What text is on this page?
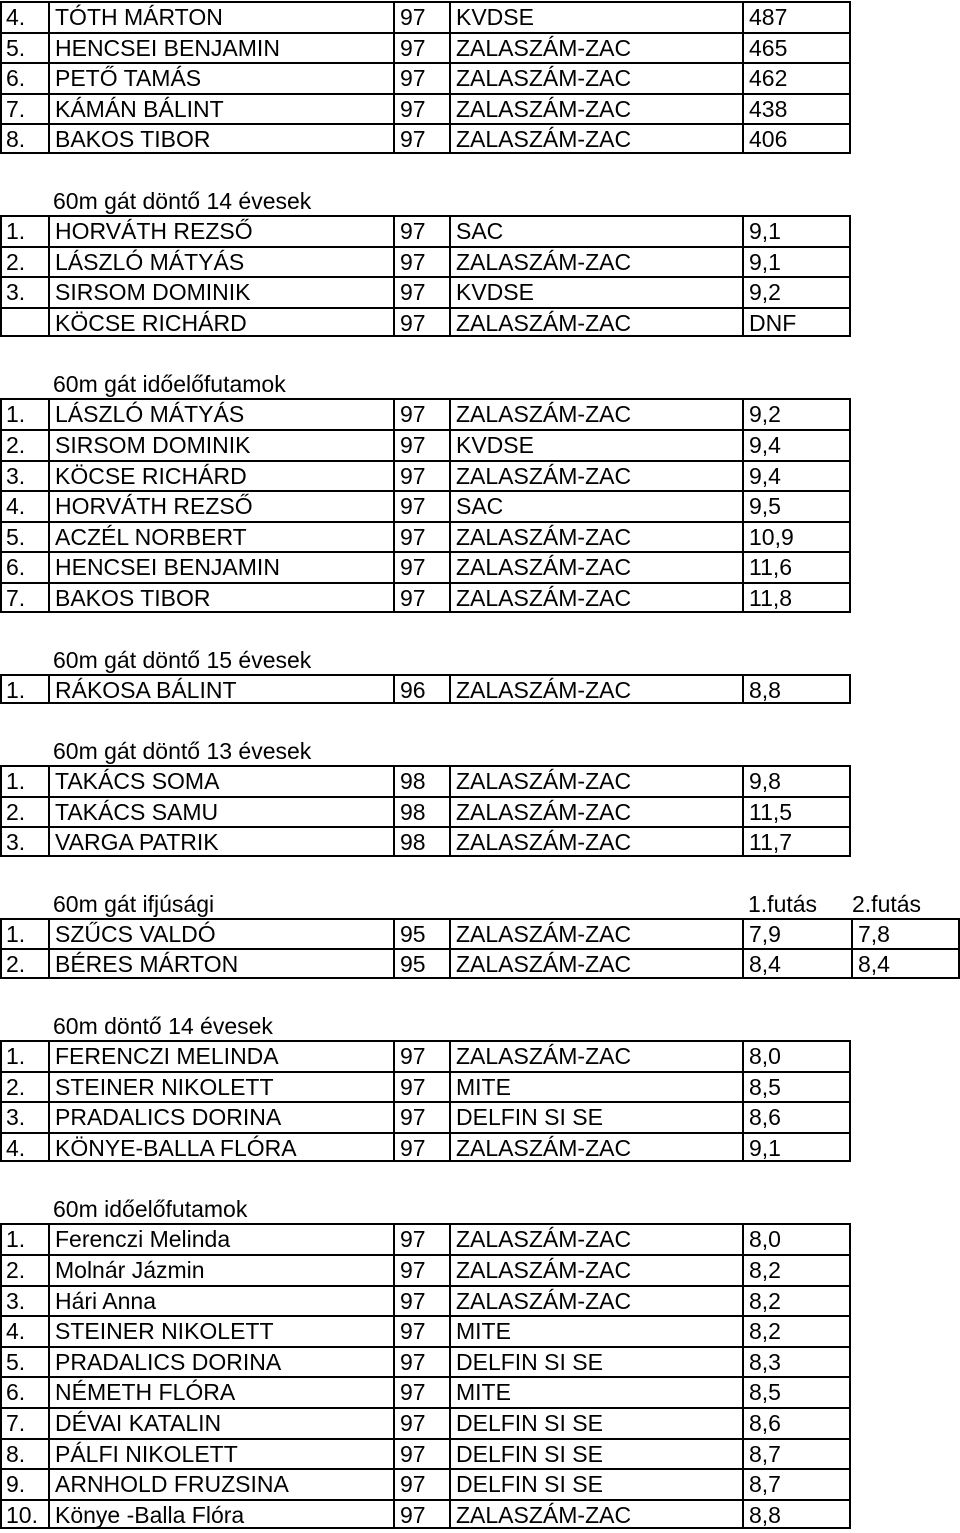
4.	TÓTH MÁRTON	97	KVDSE	487
5.	HENCSEI BENJAMIN	97	ZALASZÁM-ZAC	465
6.	PETŐ TAMÁS	97	ZALASZÁM-ZAC	462
7.	KÁMÁN BÁLINT	97	ZALASZÁM-ZAC	438
8.	BAKOS TIBOR	97	ZALASZÁM-ZAC	406
60m gát döntő 14 évesek
1.	HORVÁTH REZSŐ	97	SAC	9,1
2.	LÁSZLÓ MÁTYÁS	97	ZALASZÁM-ZAC	9,1
3.	SIRSOM DOMINIK	97	KVDSE	9,2
KÖCSE RICHÁRD	97	ZALASZÁM-ZAC	DNF
60m gát időelőfutamok
1.	LÁSZLÓ MÁTYÁS	97	ZALASZÁM-ZAC	9,2
2.	SIRSOM DOMINIK	97	KVDSE	9,4
3.	KÖCSE RICHÁRD	97	ZALASZÁM-ZAC	9,4
4.	HORVÁTH REZSŐ	97	SAC	9,5
5.	ACZÉL NORBERT	97	ZALASZÁM-ZAC	10,9
6.	HENCSEI BENJAMIN	97	ZALASZÁM-ZAC	11,6
7.	BAKOS TIBOR	97	ZALASZÁM-ZAC	11,8
60m gát döntő 15 évesek
1.	RÁKOSA BÁLINT	96	ZALASZÁM-ZAC	8,8
60m gát döntő 13 évesek
1.	TAKÁCS SOMA	98	ZALASZÁM-ZAC	9,8
2.	TAKÁCS SAMU	98	ZALASZÁM-ZAC	11,5
3.	VARGA PATRIK	98	ZALASZÁM-ZAC	11,7
60m gát ifjúsági	1.futás 2.futás
1.	SZŰCS VALDÓ	95	ZALASZÁM-ZAC	7,9	7,8
2.	BÉRES MÁRTON	95	ZALASZÁM-ZAC	8,4	8,4
60m döntő 14 évesek
1.	FERENCZI MELINDA	97	ZALASZÁM-ZAC	8,0
2.	STEINER NIKOLETT	97	MITE	8,5
3.	PRADALICS DORINA	97	DELFIN SI SE	8,6
4.	KÖNYE-BALLA FLÓRA	97	ZALASZÁM-ZAC	9,1
60m időelőfutamok
1.	Ferenczi Melinda	97	ZALASZÁM-ZAC	8,0
2.	Molnár Jázmin	97	ZALASZÁM-ZAC	8,2
3.	Hári Anna	97	ZALASZÁM-ZAC	8,2
4.	STEINER NIKOLETT	97	MITE	8,2
5.	PRADALICS DORINA	97	DELFIN SI SE	8,3
6.	NÉMETH FLÓRA	97	MITE	8,5
7.	DÉVAI KATALIN	97	DELFIN SI SE	8,6
8.	PÁLFI NIKOLETT	97	DELFIN SI SE	8,7
9.	ARNHOLD FRUZSINA	97	DELFIN SI SE	8,7
10. Könye -Balla Flóra	97	ZALASZÁM-ZAC	8,8
